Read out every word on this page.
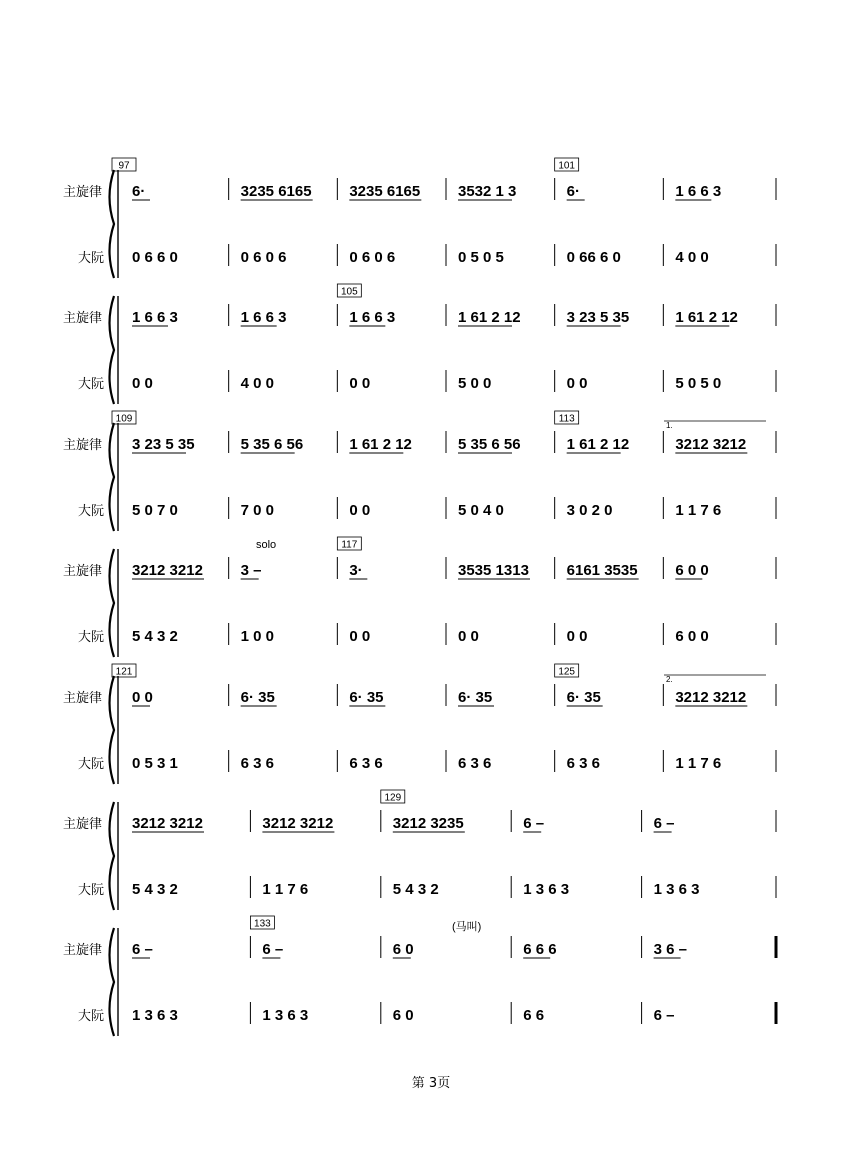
主旋律
大阮
6·
0 6 6 0
3235 6165
0 6 0 6
3235 6165
0 6 0 6
3532 1 3
0 5 0 5
6·
0 66 6 0
1 6 6 3
4 0 0
97	101
主旋律
大阮
1 6 6 3
0 0
1 6 6 3
4 0 0
1 6 6 3
0 0
1 61 2 12
5 0 0
3 23 5 35
0 0
1 61 2 12
5 0 5 0
105
主旋律
大阮
3 23 5 35
5 0 7 0
5 35 6 56
7 0 0
1 61 2 12
0 0
5 35 6 56
5 0 4 0
1 61 2 12
3 0 2 0
3212 3212
1 1 7 6
109	113
主旋律
大阮
3212 3212
5 4 3 2
3 –
1 0 0
3·
0 0
3535 1313
0 0
6161 3535
0 0
6 0 0
6 0 0
117
主旋律
大阮
0 0
0 5 3 1
6· 35
6 3 6
6· 35
6 3 6
6· 35
6 3 6
6· 35
6 3 6
3212 3212
1 1 7 6
121	125
主旋律
大阮
3212 3212
5 4 3 2
3212 3212
1 1 7 6
3212 3235
5 4 3 2
6 –
1 3 6 3
6 –
1 3 6 3
129
主旋律
大阮
6 –
1 3 6 3
6 –
1 3 6 3
6 0
6 0
6 6 6
6 6
3 6 –
6 –
133
solo
(马叫)
1.
2.
第 3页
